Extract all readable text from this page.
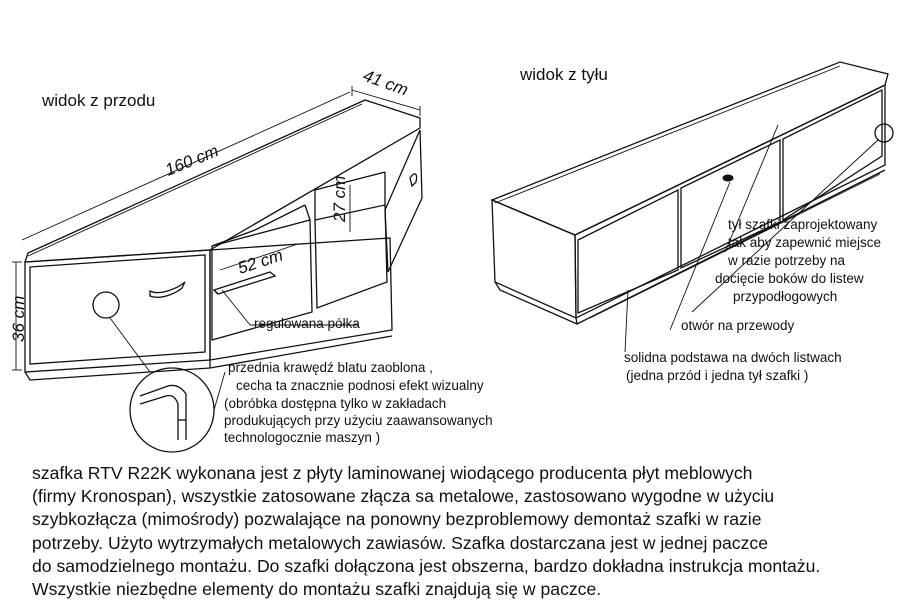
widok z przodu
160 cm
41 cm
36 cm
52 cm
27 cm
regulowana półka
przednia krawędź blatu zaoblona , cecha ta znacznie podnosi efekt wizualny (obróbka dostępna tylko w zakładach produkujących przy użyciu zaawansowanych technologocznie maszyn )
widok z tyłu
tył szafki zaprojektowany tak aby zapewnić miejsce w razie potrzeby na docięcie boków do listew przypodłogowych
otwór na przewody
solidna podstawa na dwóch listwach (jedna przód i jedna tył szafki )
szafka RTV R22K wykonana jest z płyty laminowanej wiodącego producenta płyt meblowych
(firmy Kronospan), wszystkie zatosowane złącza sa metalowe, zastosowano wygodne w użyciu
szybkozłącza (mimośrody) pozwalające na ponowny bezproblemowy demontaż szafki w razie
potrzeby. Użyto wytrzymałych metalowych zawiasów. Szafka dostarczana jest w jednej paczce
do samodzielnego montażu. Do szafki dołączona jest obszerna, bardzo dokładna instrukcja montażu.
Wszystkie niezbędne elementy do montażu szafki znajdują się w paczce.
